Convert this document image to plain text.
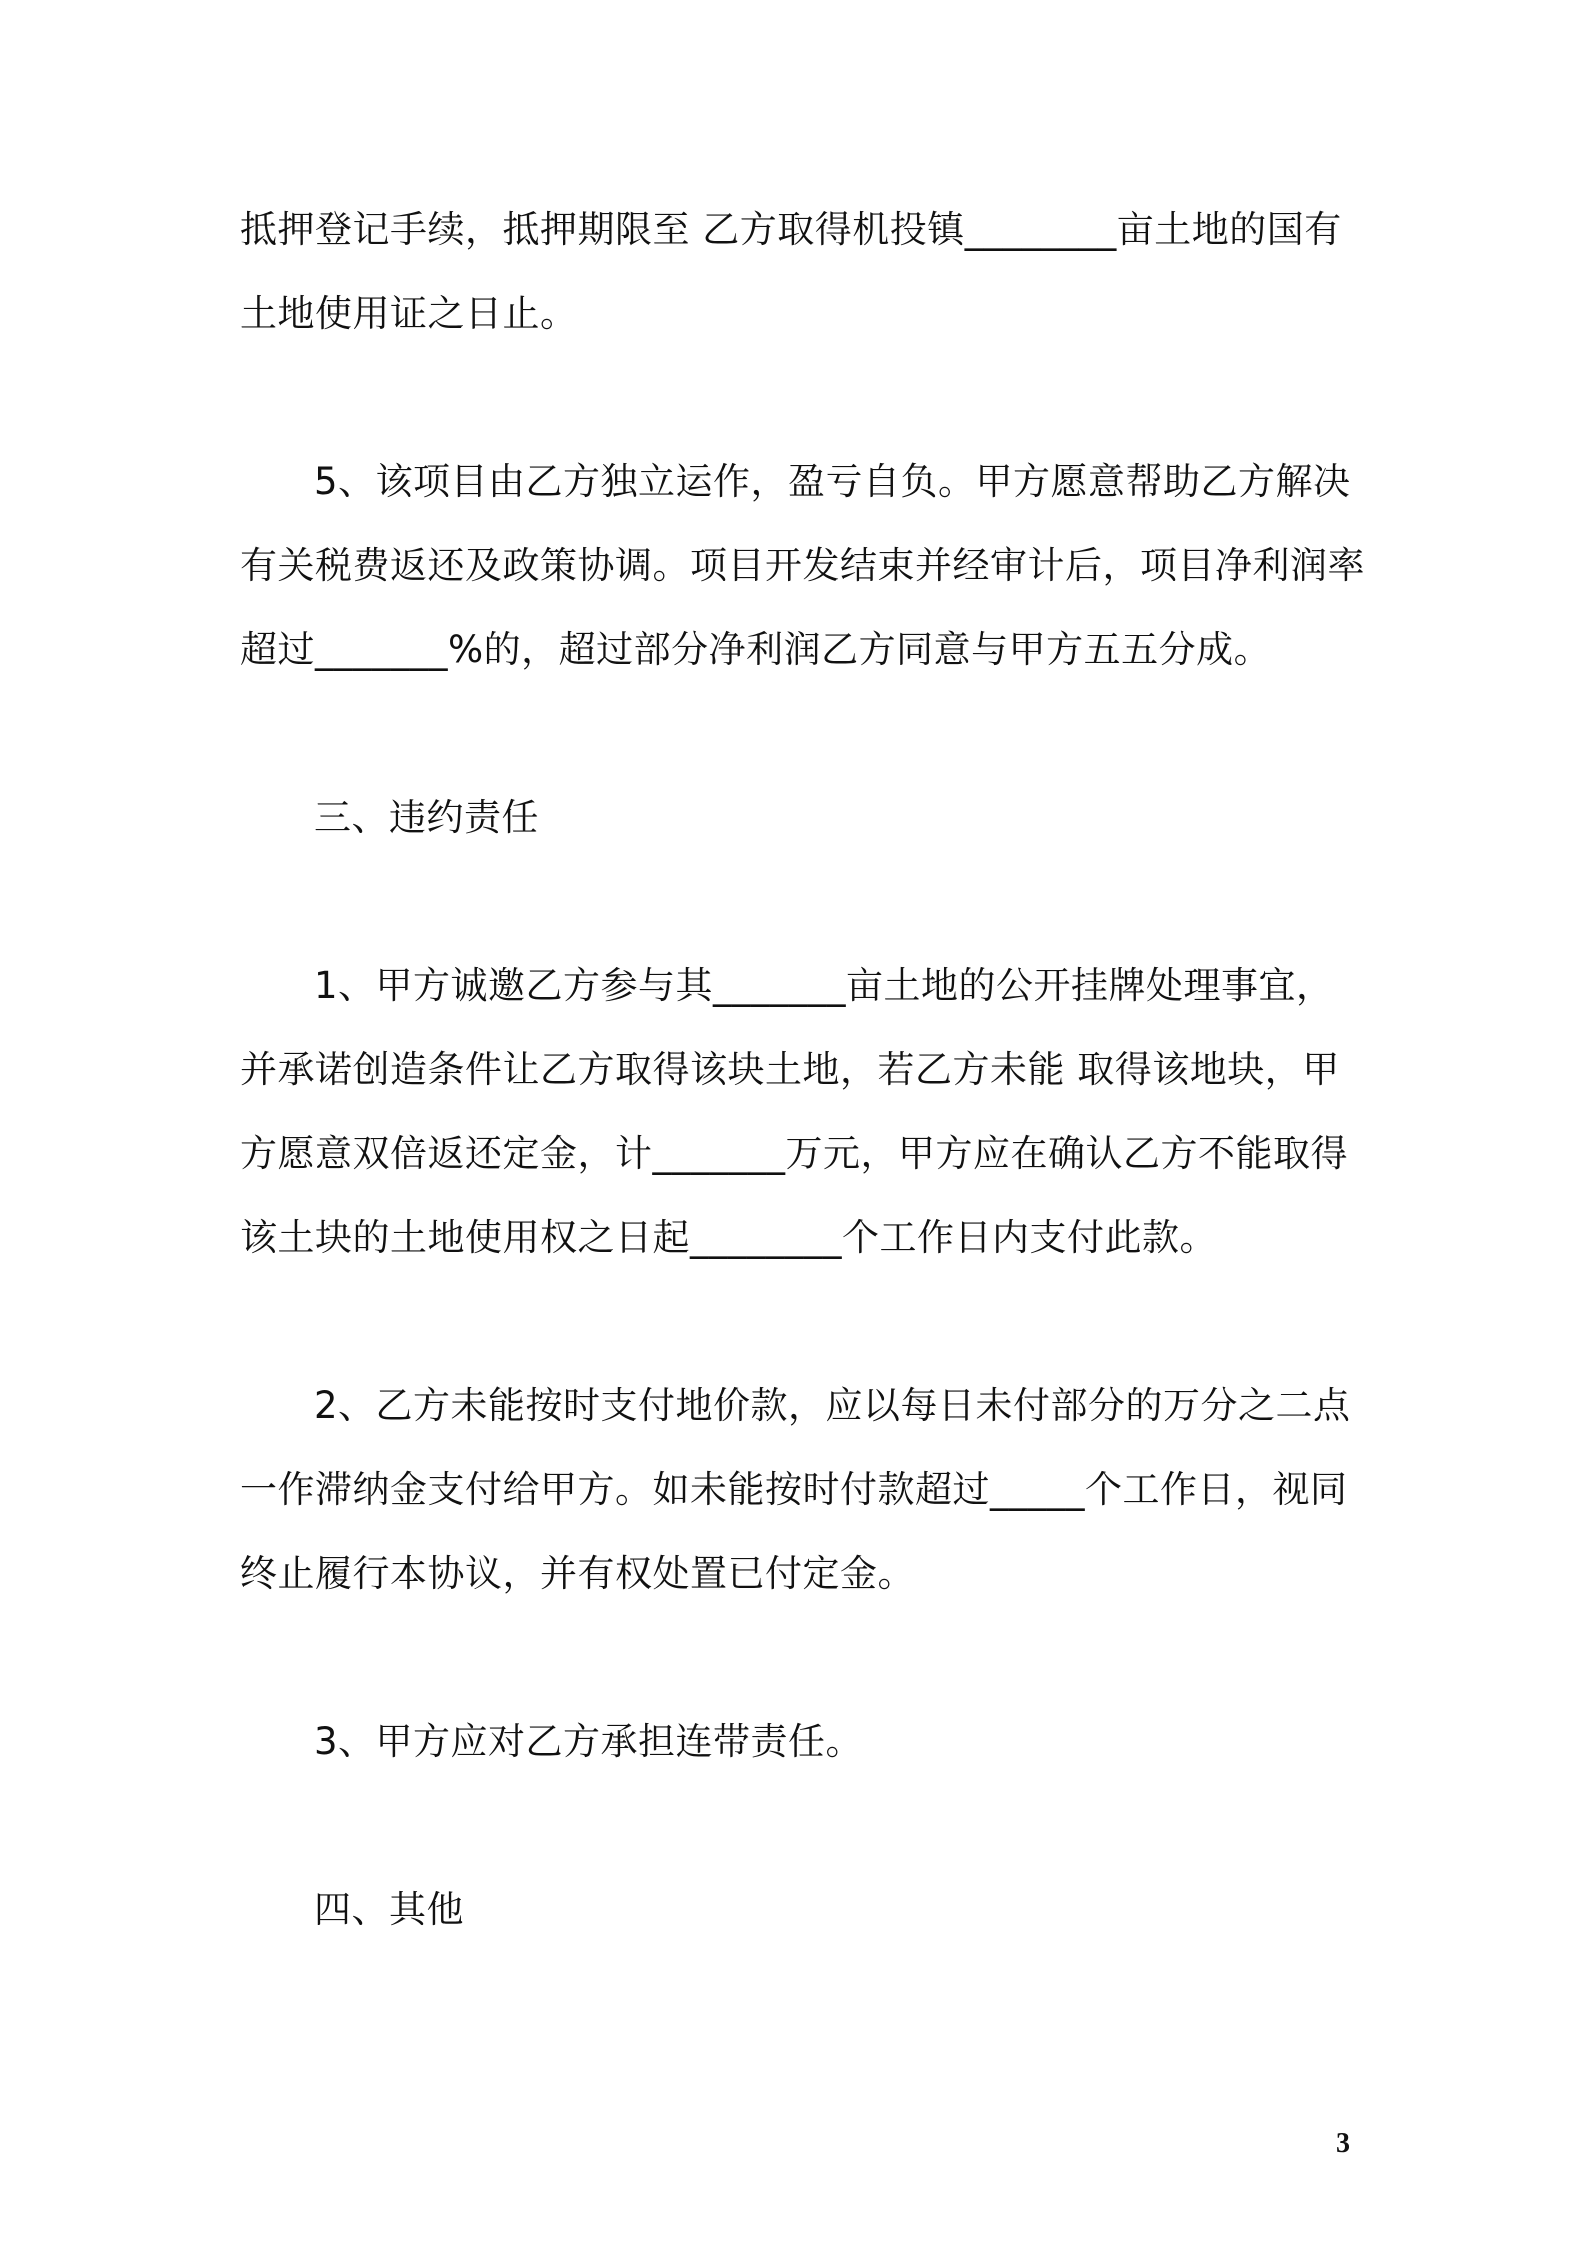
抵押登记手续，抵押期限至 乙方取得机投镇________亩土地的国有
土地使用证之日止。
5、该项目由乙方独立运作，盈亏自负。甲方愿意帮助乙方解决
有关税费返还及政策协调。项目开发结束并经审计后，项目净利润率
超过_______%的，超过部分净利润乙方同意与甲方五五分成。
三、违约责任
1、甲方诚邀乙方参与其_______亩土地的公开挂牌处理事宜，
并承诺创造条件让乙方取得该块土地，若乙方未能 取得该地块，甲
方愿意双倍返还定金，计_______万元，甲方应在确认乙方不能取得
该土块的土地使用权之日起________个工作日内支付此款。
2、乙方未能按时支付地价款，应以每日未付部分的万分之二点
一作滞纳金支付给甲方。如未能按时付款超过_____个工作日，视同
终止履行本协议，并有权处置已付定金。
3、甲方应对乙方承担连带责任。
四、其他
3
